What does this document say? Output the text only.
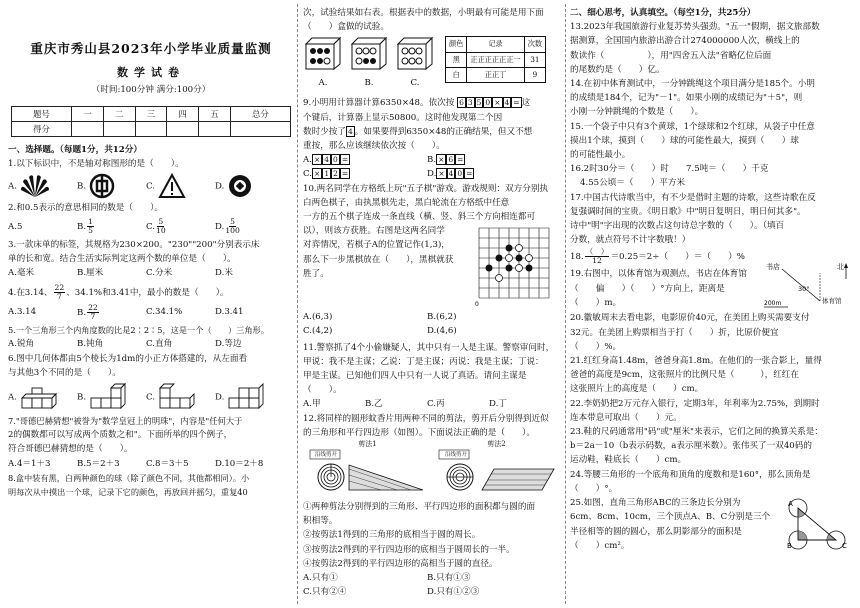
重庆市秀山县2023年小学毕业质量监测
数学试卷
（时间:100分钟 满分:100分）
题号	一	二	三	四	五	总分
得分						

一、选择题。（每题1分，共12分）

1.以下标识中，不是轴对称图形的是（　　）。

A.	B.	C.	D.

2.和0.5表示的意思相同的数是（　　）。

A.5	B. $\frac{1}{5}$	C. $\frac{5}{10}$	D. $\frac{5}{100}$

3.一款床单的标签，其规格为230×200。"230""200"分别表示床

单的长和宽。结合生活实际判定这两个数的单位是（　　）。

A.毫米	B.厘米	C.分米	D.米

4.在3.14、 $\frac{22}{7}$ 、34.1%和3.41中，最小的数是（　　）。

A.3.14	B. $\frac{22}{7}$	C.34.1%	D.3.41

5.一个三角形三个内角度数的比是2∶2∶5，这是一个（　　）三角形。

A.锐角	B.钝角	C.直角	D.等边

6.图中几何体都由5个棱长为1dm的小正方体搭建的，从左面看

与其他3个不同的是（　　）。

A.	B.	C.	D.

7."哥德巴赫猜想"被誉为"数学皇冠上的明珠"，内容是"任何大于

2的偶数都可以写成两个质数之和"。下面所举的四个例子，

符合哥德巴赫猜想的是（　　）。

A.4＝1＋3	B.5＝2＋3	C.8＝3＋5	D.10＝2＋8

8.盒中装有黑，白两种颜色的球（除了颜色不同，其他都相同）。小

明每次从中摸出一个球，记录下它的颜色，再放回并摇匀，重复40

次，试验结果如右表。根据表中的数据，小明最有可能是用下面

（　　）盒做的试验。

A.	B.	C.
颜色	记录	次数
黑	正正正正正正一	31
白	正正丁	9

9.小明用计算器计算6350×48。依次按 6 3 5 0 × 4 = 这

个键后，计算器上显示50800。这时他发现第二个因

数时少按了 4 。如果要得到6350×48的正确结果，但又不想

重按，那么应该继续依次按（　　）。

A. × 4 0 =	B. × 6 =
C. × 1 2 =	D. × 4 0 =

10.两名同学在方格纸上玩"五子棋"游戏。游戏规则：双方分别执

白两色棋子，由执黑棋先走，黑白轮流在方格纸中任意

一方的五个棋子连成一条直线（横、竖、斜三个方向相连都可

以），则该方获胜。右图是这两名同学

对弈情况，若棋子A的位置记作(1,3)，

那么下一步黑棋放在（　　），黑棋就获

胜了。

0
A.(6,3)	B.(6,2)
C.(4,2)	D.(4,6)

11.警察抓了4个小偷嫌疑人，其中只有一人是主谋。警察审问时，

甲说：我不是主谋；乙说：丁是主谋；丙说：我是主谋；丁说：

甲是主谋。已知他们四人中只有一人说了真话。请问主谋是

（　　）。

A.甲	B.乙	C.丙	D.丁

12.将同样的圆形蚊香片用两种不同的剪法，剪开后分别得到近似

的三角形和平行四边形（如图）。下面说法正确的是（　　）。

剪法1	剪法2
沿线剪开	沿线剪开

①两种剪法分别得到的三角形、平行四边形的面积都与圆的面

积相等。

②按剪法1得到的三角形的底相当于圆的周长。

③按剪法2得到的平行四边形的底相当于圆周长的一半。

④按剪法2得到的平行四边形的高相当于圆的直径。

A.只有①	B.只有①③
C.只有②④	D.只有①②③

二、细心思考，认真填空。（每空1分，共25分）

13.2023年我国旅游行业复苏势头强劲。"五一"假期，据文旅部数

据测算，全国国内旅游出游合计274000000人次，横线上的

数读作（　　　　　），用"四舍五入法"省略亿位后面

的尾数约是（　　）亿。

14.在初中体育测试中，一分钟跳绳这个项目满分是185个。小明

的成绩是184个，记为"－1"。如果小刚的成绩记为"＋5"，则

小刚一分钟跳绳的个数是（　　）。

15.一个袋子中只有3个黄球，1个绿球和2个红球，从袋子中任意

摸出1个球，摸到（　　）球的可能性最大，摸到（　　）球

的可能性最小。

16.2时30分＝（　　）时　　7.5吨＝（　　）千克

4.55公顷＝（　　）平方米

17.中国古代诗歌当中，有不少是借时主题的诗歌，这些诗歌在反

复强调时间的宝贵。《明日歌》中"明日复明日，明日何其多"。

诗中"明"字出现的次数占这句诗总字数的（　　）。（填百

分数，就点符号不计字数哦！）

18. $\frac{( )}{12} =0.25=2\div$（　　）＝（　　）%

19.右图中，以体育馆为观测点，书店在体育馆

（　　偏　　）（　　）°方向上，距离是

（　　）m。

书店
30°
体育馆
北
200m

20.徽敏周末去看电影，电影原价40元，在美团上购买需要支付

32元。在美团上购票相当于打（　　）折，比原价便宜

（　　）%。

21.红红身高1.48m，爸爸身高1.8m。在他们的一张合影上，量得

爸爸的高度是9cm，这张照片的比例尺是（　　　），红红在

这张照片上的高度是（　　）cm。

22.李奶奶把2万元存入银行，定期3年，年利率为2.75%，到期时

连本带息可取出（　　）元。

23.鞋的尺码通常用"码"或"厘米"来表示，它们之间的换算关系是：

b＝2a－10（b表示码数，a表示厘米数）。张伟买了一双40码的

运动鞋，鞋底长（　　）cm。

24.等腰三角形的一个底角和顶角的度数和是160°，那么顶角是

（　　）°。

25.如图，直角三角形ABC的三条边长分别为

6cm、8cm、10cm，三个顶点A、B、C分别是三个

半径相等的圆的圆心，那么阴影部分的面积是

（　　）cm²。

A
B	C
